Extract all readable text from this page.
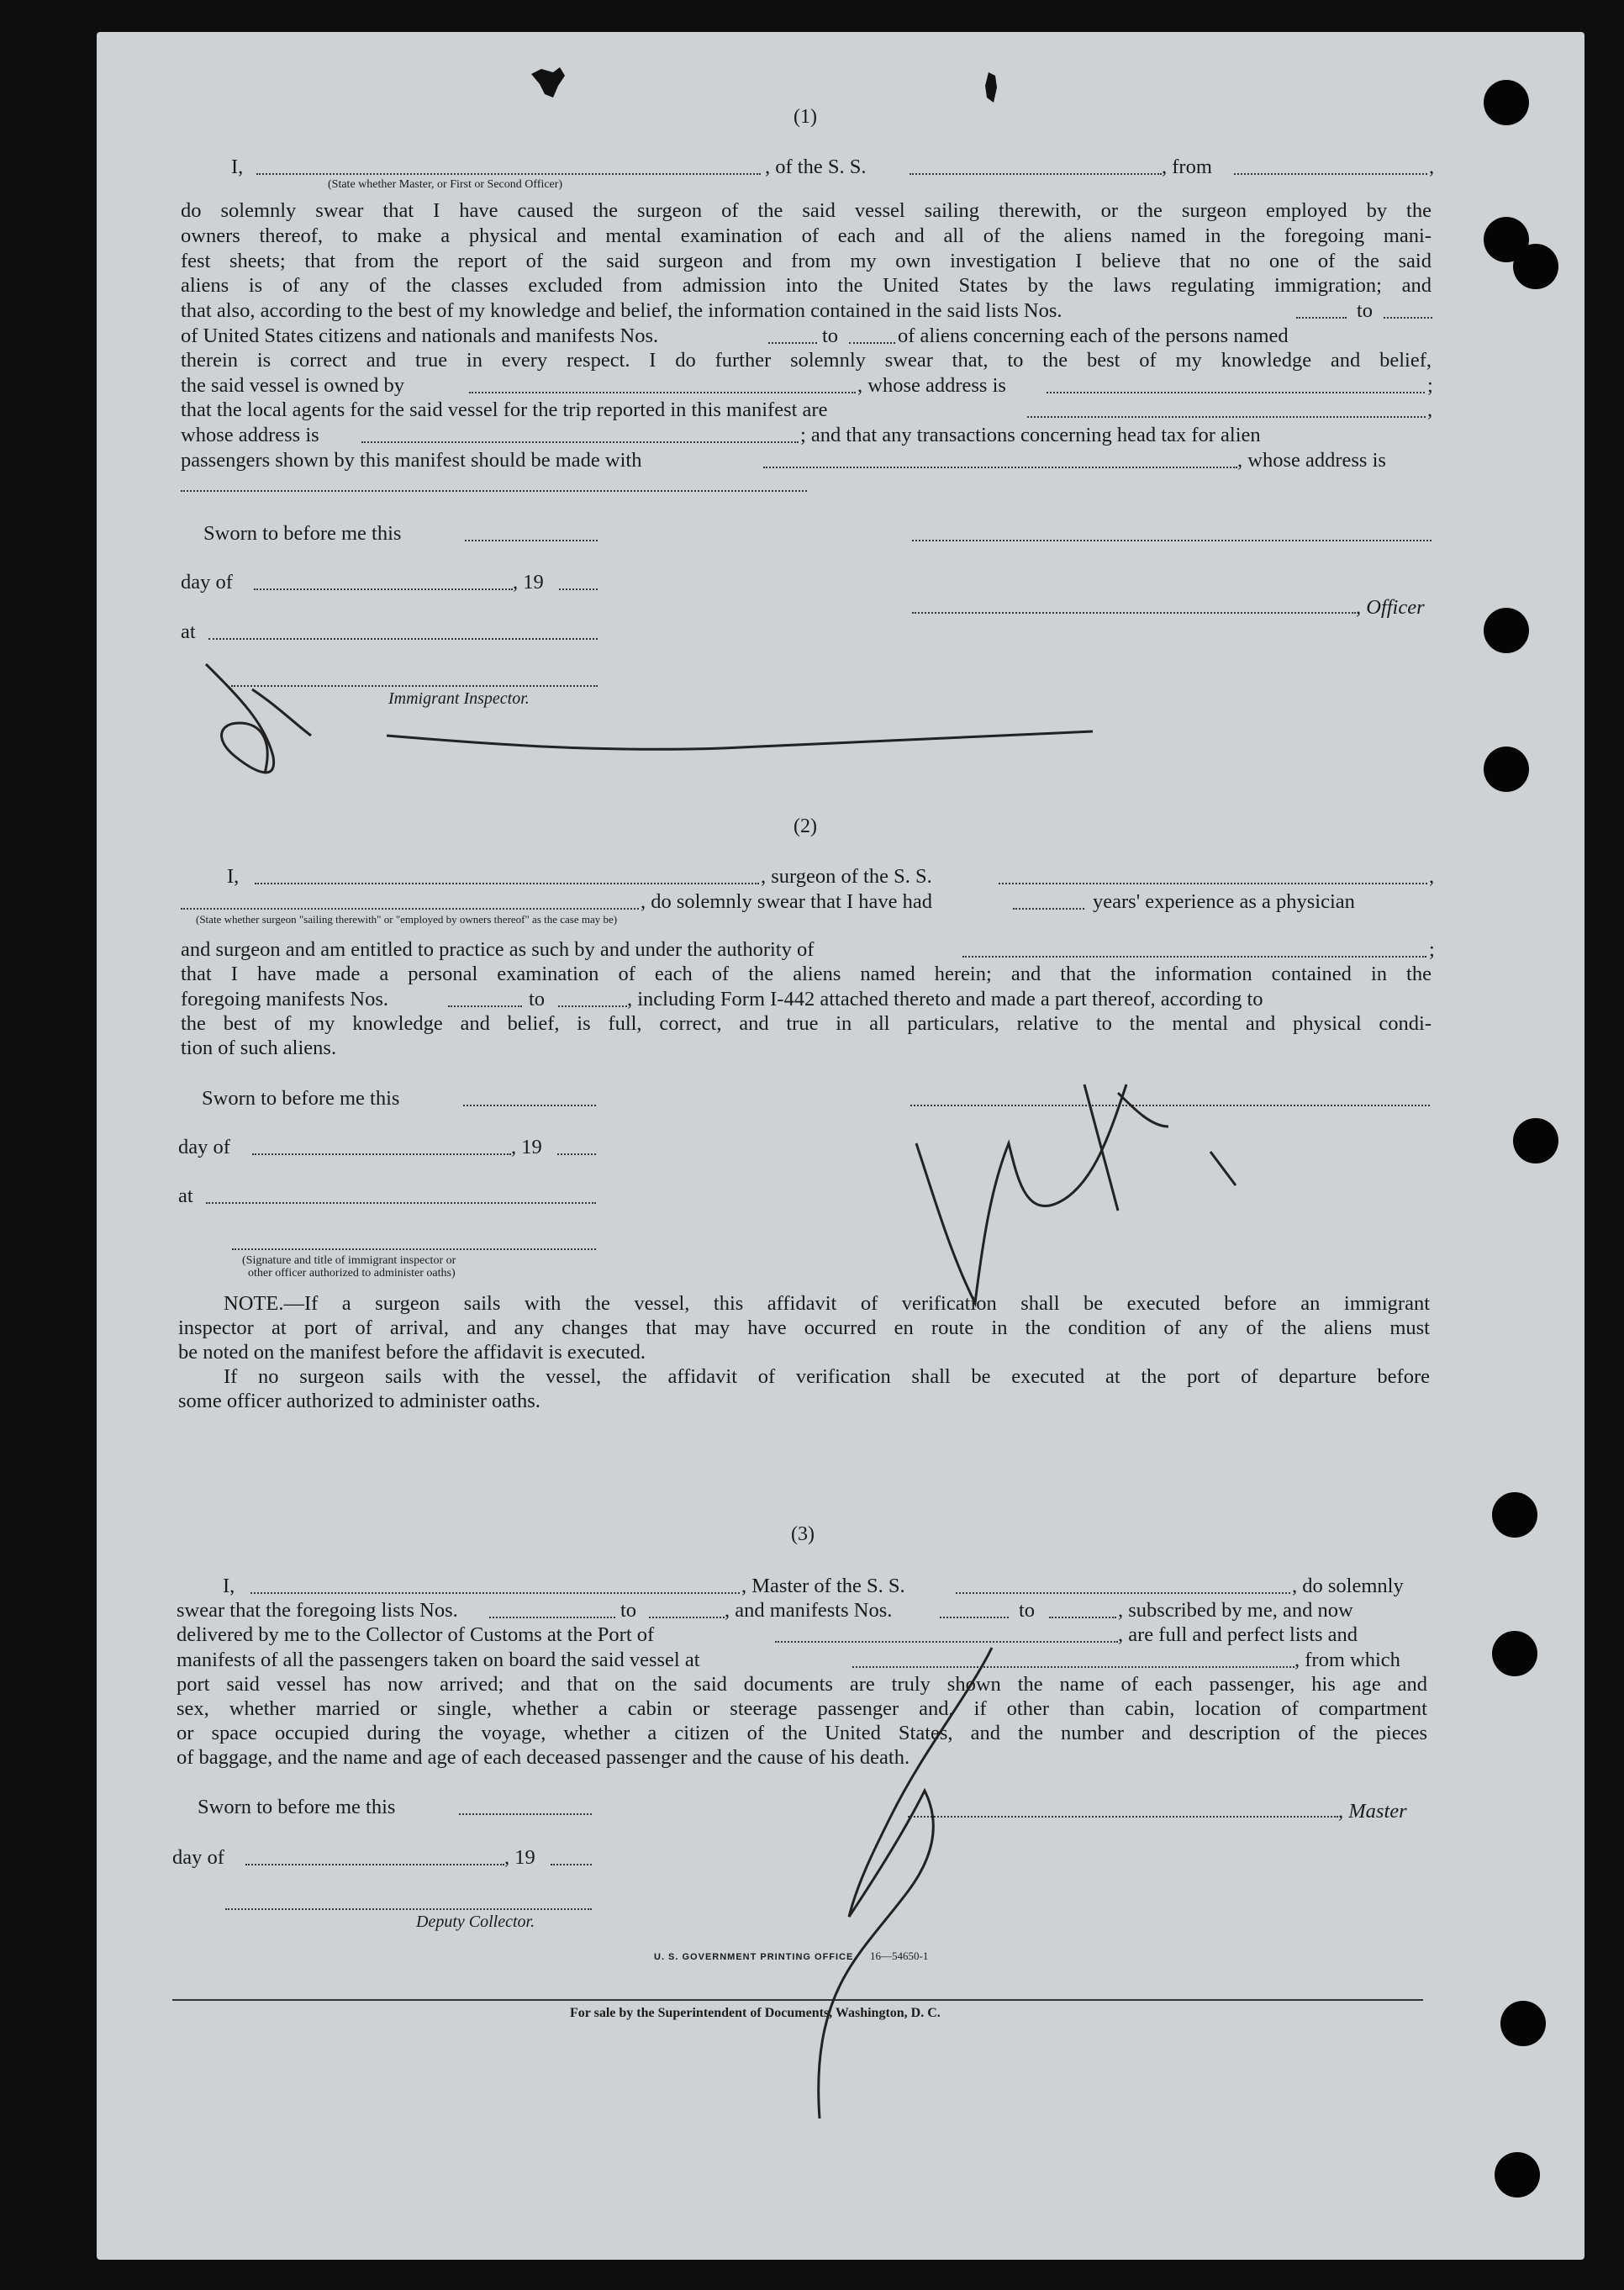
(1)
I,	, of the S. S.	, from	,
(State whether Master, or First or Second Officer)
do solemnly swear that I have caused the surgeon of the said vessel sailing therewith, or the surgeon employed by the
owners thereof, to make a physical and mental examination of each and all of the aliens named in the foregoing mani-
fest sheets; that from the report of the said surgeon and from my own investigation I believe that no one of the said
aliens is of any of the classes excluded from admission into the United States by the laws regulating immigration; and
that also, according to the best of my knowledge and belief, the information contained in the said lists Nos.	to
of United States citizens and nationals and manifests Nos.	to	of aliens concerning each of the persons named
therein is correct and true in every respect. I do further solemnly swear that, to the best of my knowledge and belief,
the said vessel is owned by	, whose address is	;
that the local agents for the said vessel for the trip reported in this manifest are	,
whose address is	; and that any transactions concerning head tax for alien
passengers shown by this manifest should be made with	, whose address is
Sworn to before me this
day of	, 19
, Officer
at
Immigrant Inspector.
(2)
I,	, surgeon of the S. S.	,
, do solemnly swear that I have had	years' experience as a physician
(State whether surgeon "sailing therewith" or "employed by owners thereof" as the case may be)
and surgeon and am entitled to practice as such by and under the authority of	;
that I have made a personal examination of each of the aliens named herein; and that the information contained in the
foregoing manifests Nos.	to	, including Form I-442 attached thereto and made a part thereof, according to
the best of my knowledge and belief, is full, correct, and true in all particulars, relative to the mental and physical condi-
tion of such aliens.
Sworn to before me this
day of	, 19
at
(Signature and title of immigrant inspector or
other officer authorized to administer oaths)
NOTE.—If a surgeon sails with the vessel, this affidavit of verification shall be executed before an immigrant
inspector at port of arrival, and any changes that may have occurred en route in the condition of any of the aliens must
be noted on the manifest before the affidavit is executed.
If no surgeon sails with the vessel, the affidavit of verification shall be executed at the port of departure before
some officer authorized to administer oaths.
(3)
I,	, Master of the S. S.	, do solemnly
swear that the foregoing lists Nos.	to	, and manifests Nos.	to	, subscribed by me, and now
delivered by me to the Collector of Customs at the Port of	, are full and perfect lists and
manifests of all the passengers taken on board the said vessel at	, from which
port said vessel has now arrived; and that on the said documents are truly shown the name of each passenger, his age and
sex, whether married or single, whether a cabin or steerage passenger and, if other than cabin, location of compartment
or space occupied during the voyage, whether a citizen of the United States, and the number and description of the pieces
of baggage, and the name and age of each deceased passenger and the cause of his death.
Sworn to before me this	, Master
day of	, 19
Deputy Collector.
U. S. GOVERNMENT PRINTING OFFICE 16—54650-1
For sale by the Superintendent of Documents, Washington, D. C.
